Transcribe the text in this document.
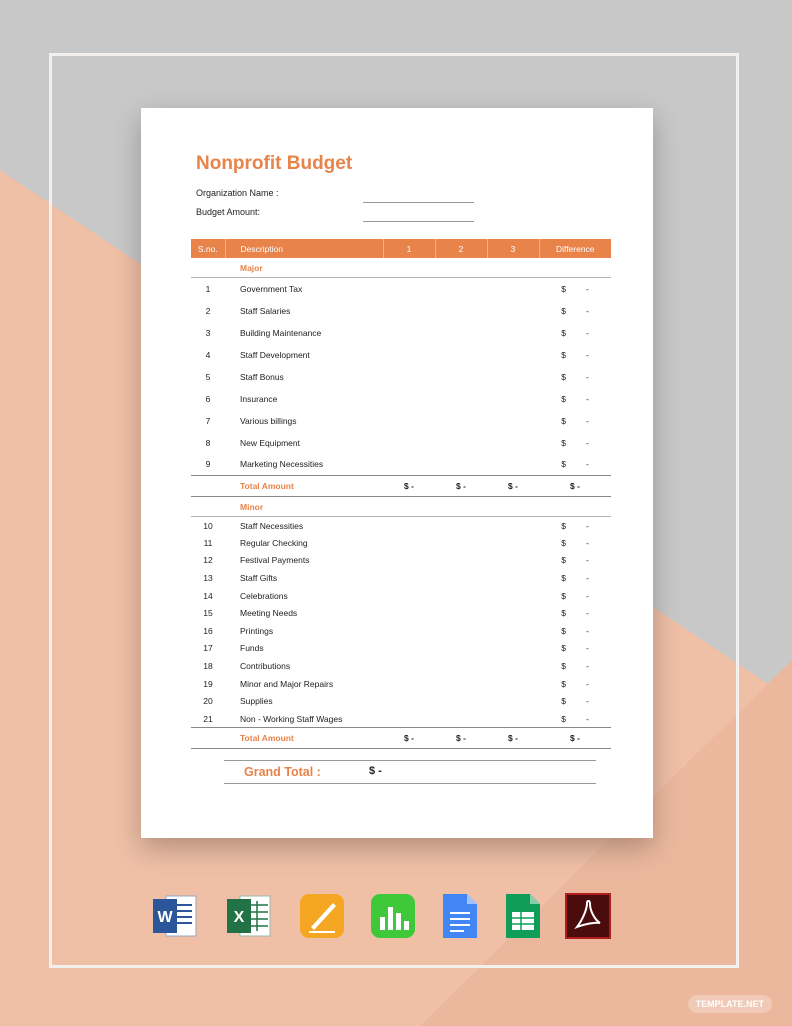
Nonprofit Budget
Organization Name :
Budget Amount:
S.no.	Description	1	2	3	Difference
	Major				
1	Government Tax				$ -
2	Staff Salaries				$ -
3	Building Maintenance				$ -
4	Staff Development				$ -
5	Staff Bonus				$ -
6	Insurance				$ -
7	Various billings				$ -
8	New Equipment				$ -
9	Marketing Necessities				$ -
	Total Amount	$ -	$ -	$ -	$ -
	Minor				
10	Staff Necessities				$ -
11	Regular Checking				$ -
12	Festival Payments				$ -
13	Staff Gifts				$ -
14	Celebrations				$ -
15	Meeting Needs				$ -
16	Printings				$ -
17	Funds				$ -
18	Contributions				$ -
19	Minor and Major Repairs				$ -
20	Supplies				$ -
21	Non - Working Staff Wages				$ -
	Total Amount	$ -	$ -	$ -	$ -
Grand Total :	$ -
W	X
TEMPLATE.NET
